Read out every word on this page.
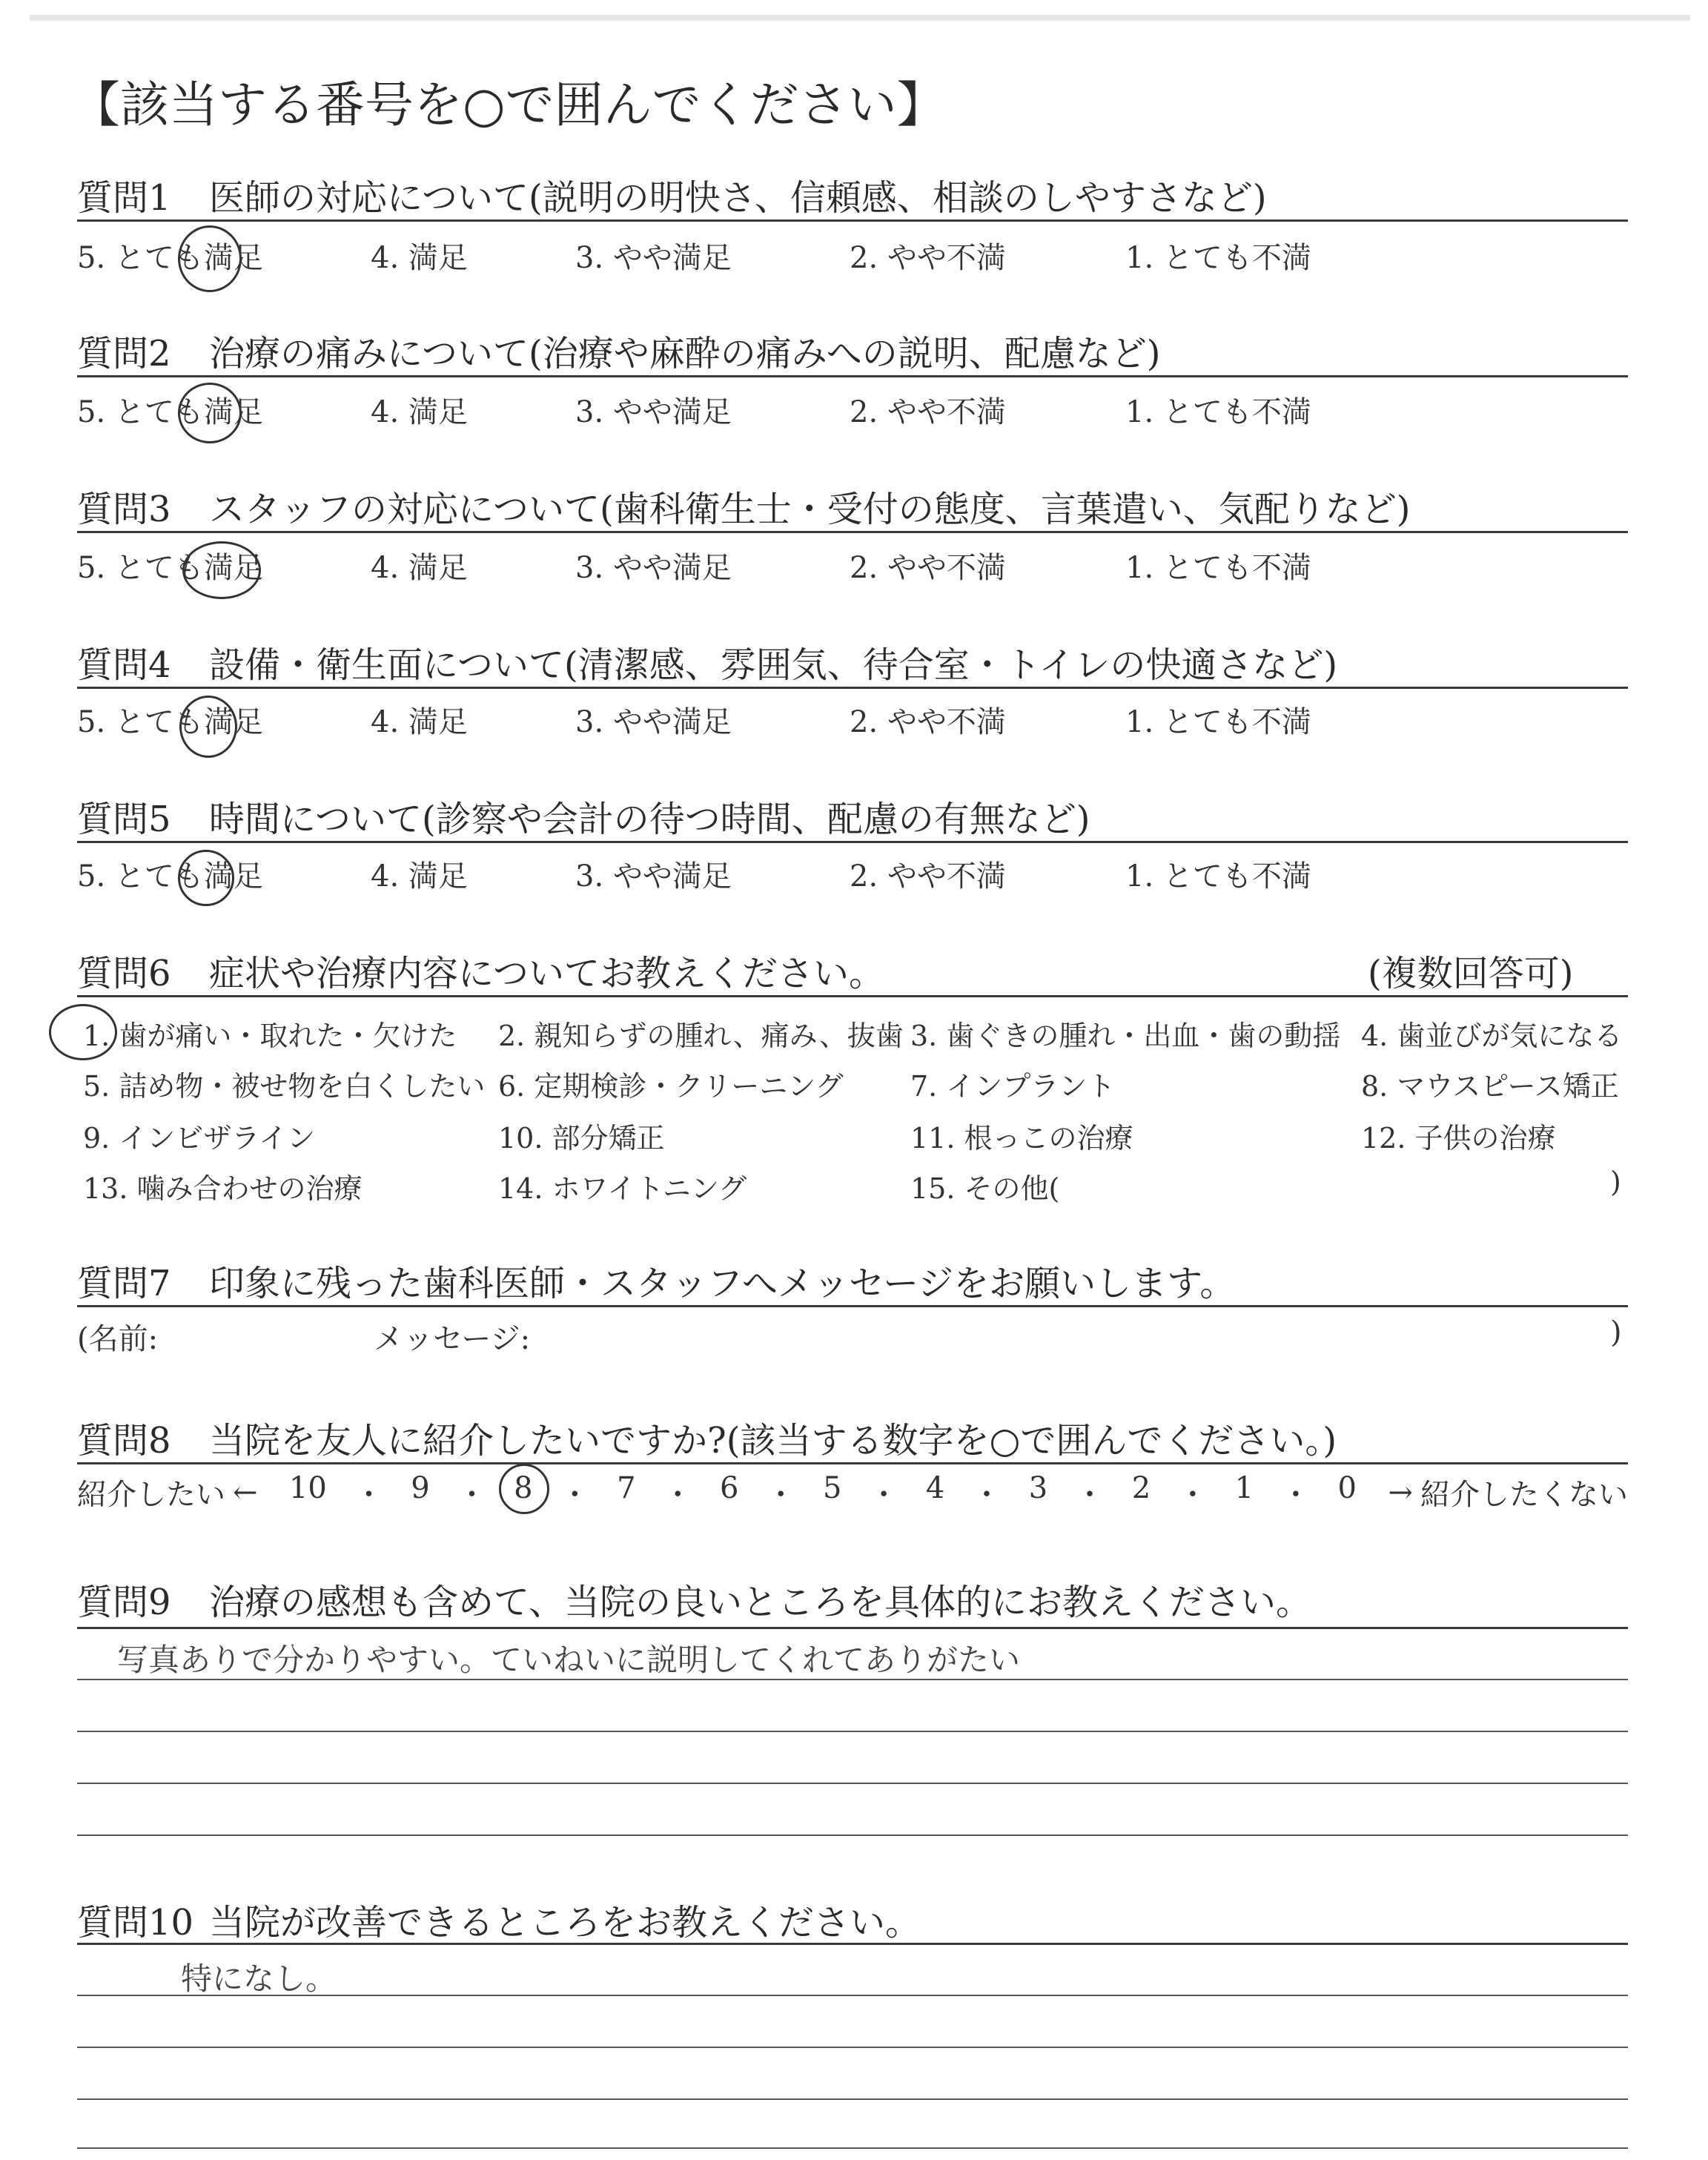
【該当する番号を○で囲んでください】
質問1 医師の対応について(説明の明快さ、信頼感、相談のしやすさなど)
5. とても満足	4. 満足	3. やや満足	2. やや不満	1. とても不満
質問2 治療の痛みについて(治療や麻酔の痛みへの説明、配慮など)
5. とても満足	4. 満足	3. やや満足	2. やや不満	1. とても不満
質問3 スタッフの対応について(歯科衛生士・受付の態度、言葉遣い、気配りなど)
5. とても満足	4. 満足	3. やや満足	2. やや不満	1. とても不満
質問4 設備・衛生面について(清潔感、雰囲気、待合室・トイレの快適さなど)
5. とても満足	4. 満足	3. やや満足	2. やや不満	1. とても不満
質問5 時間について(診察や会計の待つ時間、配慮の有無など)
5. とても満足	4. 満足	3. やや満足	2. やや不満	1. とても不満
質問6 症状や治療内容についてお教えください。	(複数回答可)
1. 歯が痛い・取れた・欠けた 2. 親知らずの腫れ、痛み、抜歯 3. 歯ぐきの腫れ・出血・歯の動揺 4. 歯並びが気になる
5. 詰め物・被せ物を白くしたい 6. 定期検診・クリーニング 7. インプラント	8. マウスピース矯正
9. インビザライン	10. 部分矯正	11. 根っこの治療	12. 子供の治療
13. 噛み合わせの治療	14. ホワイトニング	15. その他(	)
質問7 印象に残った歯科医師・スタッフへメッセージをお願いします。
(名前:	メッセージ:	)
質問8 当院を友人に紹介したいですか?(該当する数字を○で囲んでください。)
紹介したい ← 10 ・ 9 ・ 8 ・ 7 ・ 6 ・ 5 ・ 4 ・ 3 ・ 2 ・ 1 ・ 0 → 紹介したくない
質問9 治療の感想も含めて、当院の良いところを具体的にお教えください。
写真ありで分かりやすい。ていねいに説明してくれてありがたい
質問10 当院が改善できるところをお教えください。
特になし。
